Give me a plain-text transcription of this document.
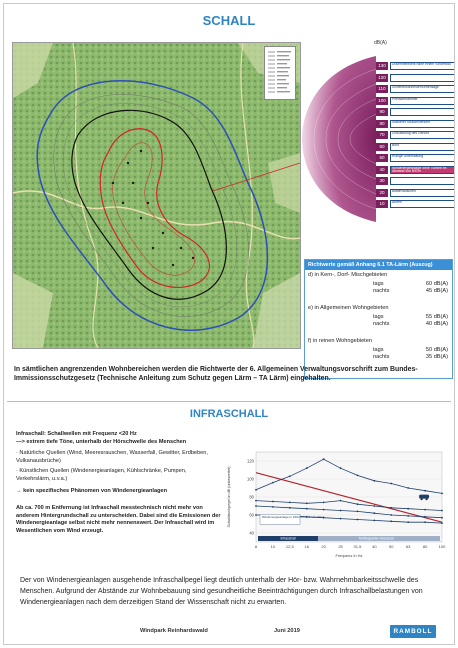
SCHALL
dB(A)
130	Düsentriebwerk nahe einem Vorderbau
120
110	Schienenschneider/Kettensäge
100	Presslufthammer
90
80	Stärkerer Straßenverkehr
70	Großbildung des Gehörs
60	Büro
50	Ruhige Unterhaltung
40	Windenergieanlage ohne Turbine im Abstand von 500 m
30
20	Blätterrauschen
10	Atmen
Richtwerte gemäß Anhang 6.1 TA-Lärm (Auszug)
d) in Kern-, Dorf- Mischgebieten
tags	60 dB(A)
nachts	45 dB(A)
e) in Allgemeinen Wohngebieten
tags	55 dB(A)
nachts	40 dB(A)
f) in reinen Wohngebieten
tags	50 dB(A)
nachts	35 dB(A)
In sämtlichen angrenzenden Wohnbereichen werden die Richtwerte der 6. Allgemeinen Verwaltungsvorschrift zum Bundes-Immissionsschutzgesetz (Technische Anleitung zum Schutz gegen Lärm – TA Lärm) eingehalten.
INFRASCHALL

Infraschall: Schallwellen mit Frequenz <20 Hz

—> extrem tiefe Töne, unterhalb der Hörschwelle des Menschen

· Natürliche Quellen (Wind, Meeresrauschen, Wasserfall, Gewitter, Erdbeben, Vulkanausbrüche)

· Künstlichen Quellen (Windenergieanlagen, Kühlschränke, Pumpen, Verkehrslärm, u.v.a.)

→ kein spezifisches Phänomen von Windenergieanlagen

Ab ca. 700 m Entfernung ist Infraschall messtechnisch nicht mehr von anderem Hintergrundschall zu unterscheiden. Dabei sind die Emissionen der Windenergieanlage selbst nicht mehr nennenswert. Der Infraschall wird im Wesentlichen vom Wind erzeugt.	40
60
80
100
120
8	10	12,5	16	20	25	31,5	40	50	63	80	100
Schalldruckpegel in dB (unbewertet)
Frequenz in Hz
Infraschall	Tieffrequenter Hörschall
Windenergieanlage in 150m bzw.,6 m/s Wind
Der von Windenergieanlagen ausgehende Infraschallpegel liegt deutlich unterhalb der Hör- bzw. Wahrnehmbarkeitsschwelle des Menschen. Aufgrund der Abstände zur Wohnbebauung sind gesundheitliche Beeinträchtigungen durch Infraschallbelastungen von Windenergieanlagen nach dem derzeitigen Stand der Wissenschaft nicht zu erwarten.
Windpark Reinhardswald	Juni 2019	RAMBOLL
